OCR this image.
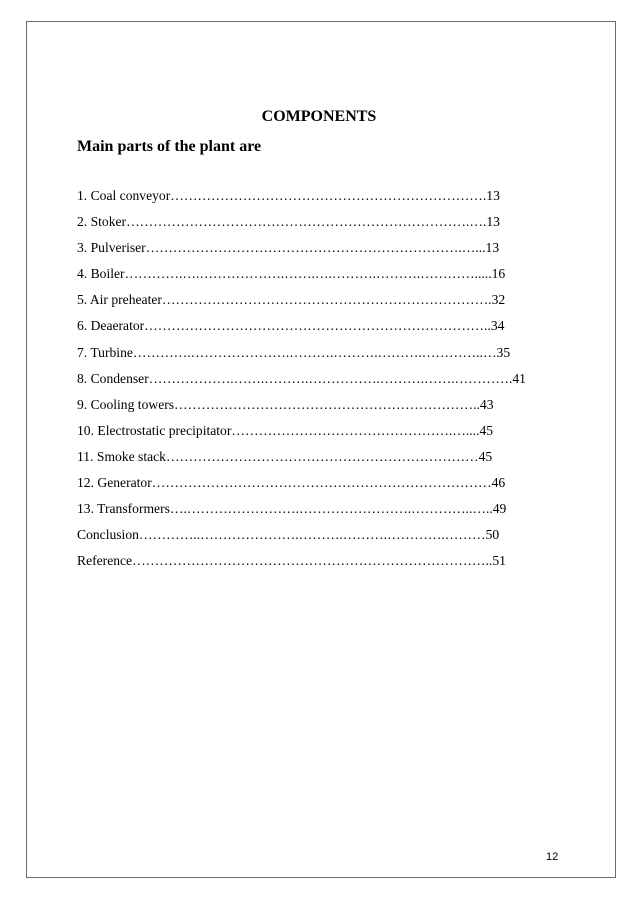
COMPONENTS
Main parts of the plant are
1. Coal conveyor…………………………………………………………….13
2. Stoker………………………………………………………………….….13
3. Pulveriser…………………………………………………………….…...13
4. Boiler………….….……………….…….….……….……….………….....16
5. Air preheater……………………………………………………………….32
6. Deaerator…………………………………………………………………..34
7. Turbine………….………………….……….……….……….…………..…35
8. Condenser……………….…….……….…………….……….…….………….41
9. Cooling towers…………………………………………………………..43
10. Electrostatic precipitator………………………………………….…....45
11. Smoke stack……………………………………………………………45
12. Generator…………………………………………………………………46
13. Transformers….…………………….…………………….…………..…..49
Conclusion…………..………………….……….……….………….………50
Reference……………………………………………………………………..51
12
